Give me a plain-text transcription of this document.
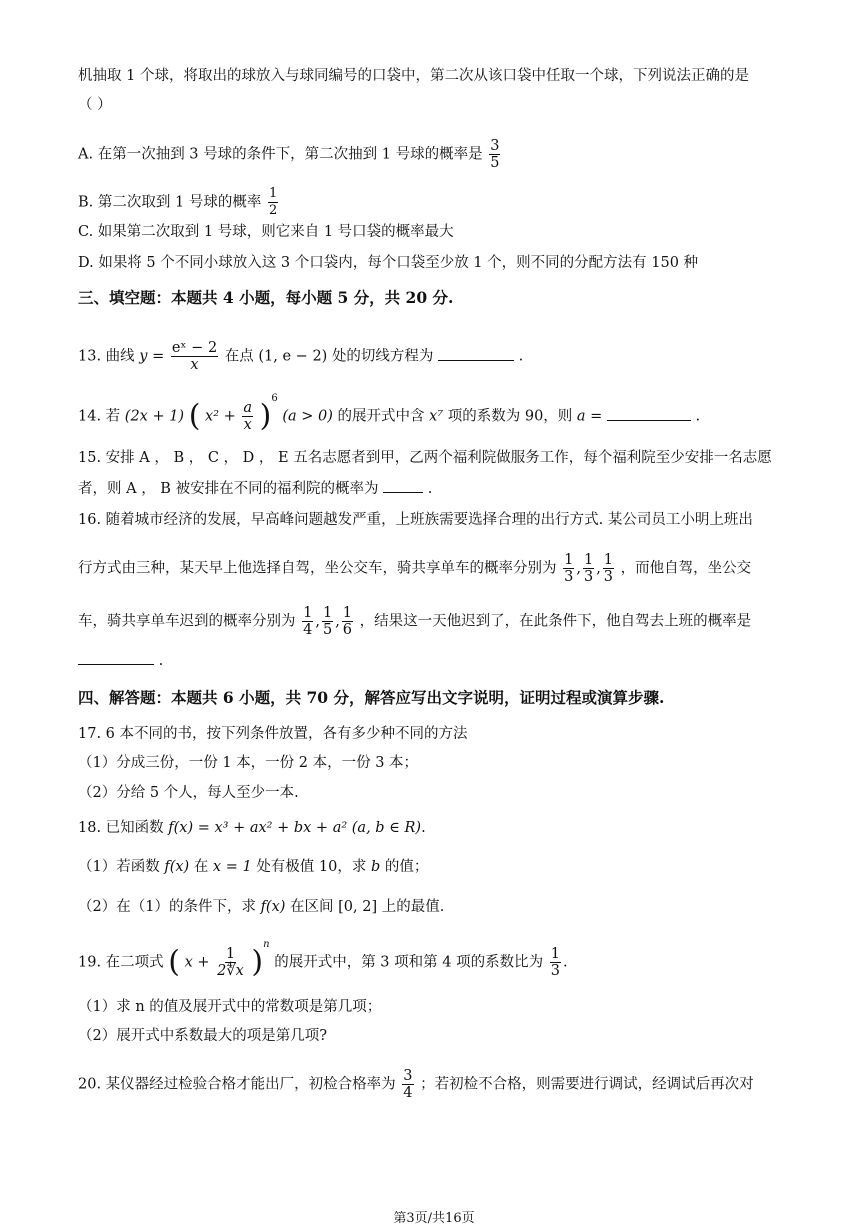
机抽取 1 个球，将取出的球放入与球同编号的口袋中，第二次从该口袋中任取一个球，下列说法正确的是
（ ）
A. 在第一次抽到 3 号球的条件下，第二次抽到 1 号球的概率是 $\frac{3}{5}$
B. 第二次取到 1 号球的概率 $\frac{1}{2}$
C. 如果第二次取到 1 号球，则它来自 1 号口袋的概率最大
D. 如果将 5 个不同小球放入这 3 个口袋内，每个口袋至少放 1 个，则不同的分配方法有 150 种
三、填空题：本题共 4 小题，每小题 5 分，共 20 分.
13. 曲线 $y = \frac{\text{eˣ − 2}}{x}$ 在点 (1, e − 2) 处的切线方程为	.
14. 若 (2x + 1) ( $x^2 + \frac{a}{x} )^6$ (a > 0) 的展开式中含 x⁷ 项的系数为 90，则 a =	.
15. 安排 A ， B ， C ， D ， E 五名志愿者到甲，乙两个福利院做服务工作，每个福利院至少安排一名志愿
者，则 A ， B 被安排在不同的福利院的概率为	.
16. 随着城市经济的发展，早高峰问题越发严重，上班族需要选择合理的出行方式. 某公司员工小明上班出
行方式由三种，某天早上他选择自驾，坐公交车，骑共享单车的概率分别为 $\frac{1}{3}$ , $\frac{1}{3}$ , $\frac{1}{3}$ ，而他自驾，坐公交
车，骑共享单车迟到的概率分别为 $\frac{1}{4}$ , $\frac{1}{5}$ , $\frac{1}{6}$ ，结果这一天他迟到了，在此条件下，他自驾去上班的概率是
.
四、解答题：本题共 6 小题，共 70 分，解答应写出文字说明，证明过程或演算步骤.
17. 6 本不同的书，按下列条件放置，各有多少种不同的方法
（1）分成三份，一份 1 本，一份 2 本，一份 3 本；
（2）分给 5 个人，每人至少一本.
18. 已知函数 f(x) = x³ + ax² + bx + a² (a, b ∈ R).
（1）若函数 f(x) 在 x = 1 处有极值 10，求 b 的值；
（2）在（1）的条件下，求 f(x) 在区间 [0, 2] 上的最值.
19. 在二项式 ( $x + \frac{1}{2∜x} )^n$ 的展开式中，第 3 项和第 4 项的系数比为 $\frac{1}{3}$ .
（1）求 n 的值及展开式中的常数项是第几项；
（2）展开式中系数最大的项是第几项?
20. 某仪器经过检验合格才能出厂，初检合格率为 $\frac{3}{4}$ ；若初检不合格，则需要进行调试，经调试后再次对
第3页/共16页
